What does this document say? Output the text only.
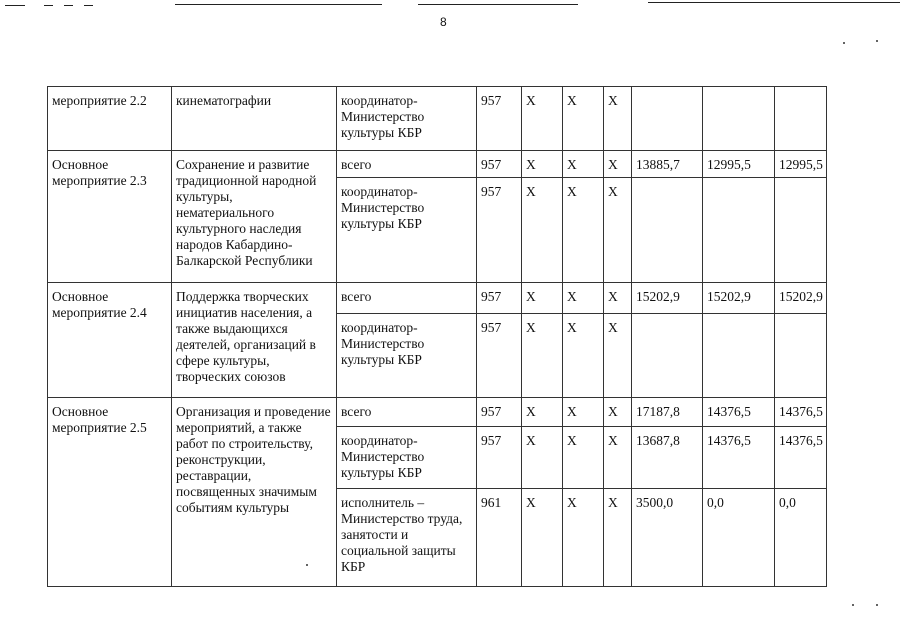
8
мероприятие 2.2	кинематографии	координатор-Министерство культуры КБР	957	X	X	X			
Основное мероприятие 2.3	Сохранение и развитие традиционной народной культуры, нематериального культурного наследия народов Кабардино-Балкарской Республики	всего	957	X	X	X	13885,7	12995,5	12995,5
		координатор-Министерство культуры КБР	957	X	X	X			
Основное мероприятие 2.4	Поддержка творческих инициатив населения, а также выдающихся деятелей, организаций в сфере культуры, творческих союзов	всего	957	X	X	X	15202,9	15202,9	15202,9
		координатор-Министерство культуры КБР	957	X	X	X			
Основное мероприятие 2.5	Организация и проведение мероприятий, а также работ по строительству, реконструкции, реставрации, посвященных значимым событиям культуры	всего	957	X	X	X	17187,8	14376,5	14376,5
		координатор-Министерство культуры КБР	957	X	X	X	13687,8	14376,5	14376,5
		исполнитель – Министерство труда, занятости и социальной защиты КБР	961	X	X	X	3500,0	0,0	0,0
